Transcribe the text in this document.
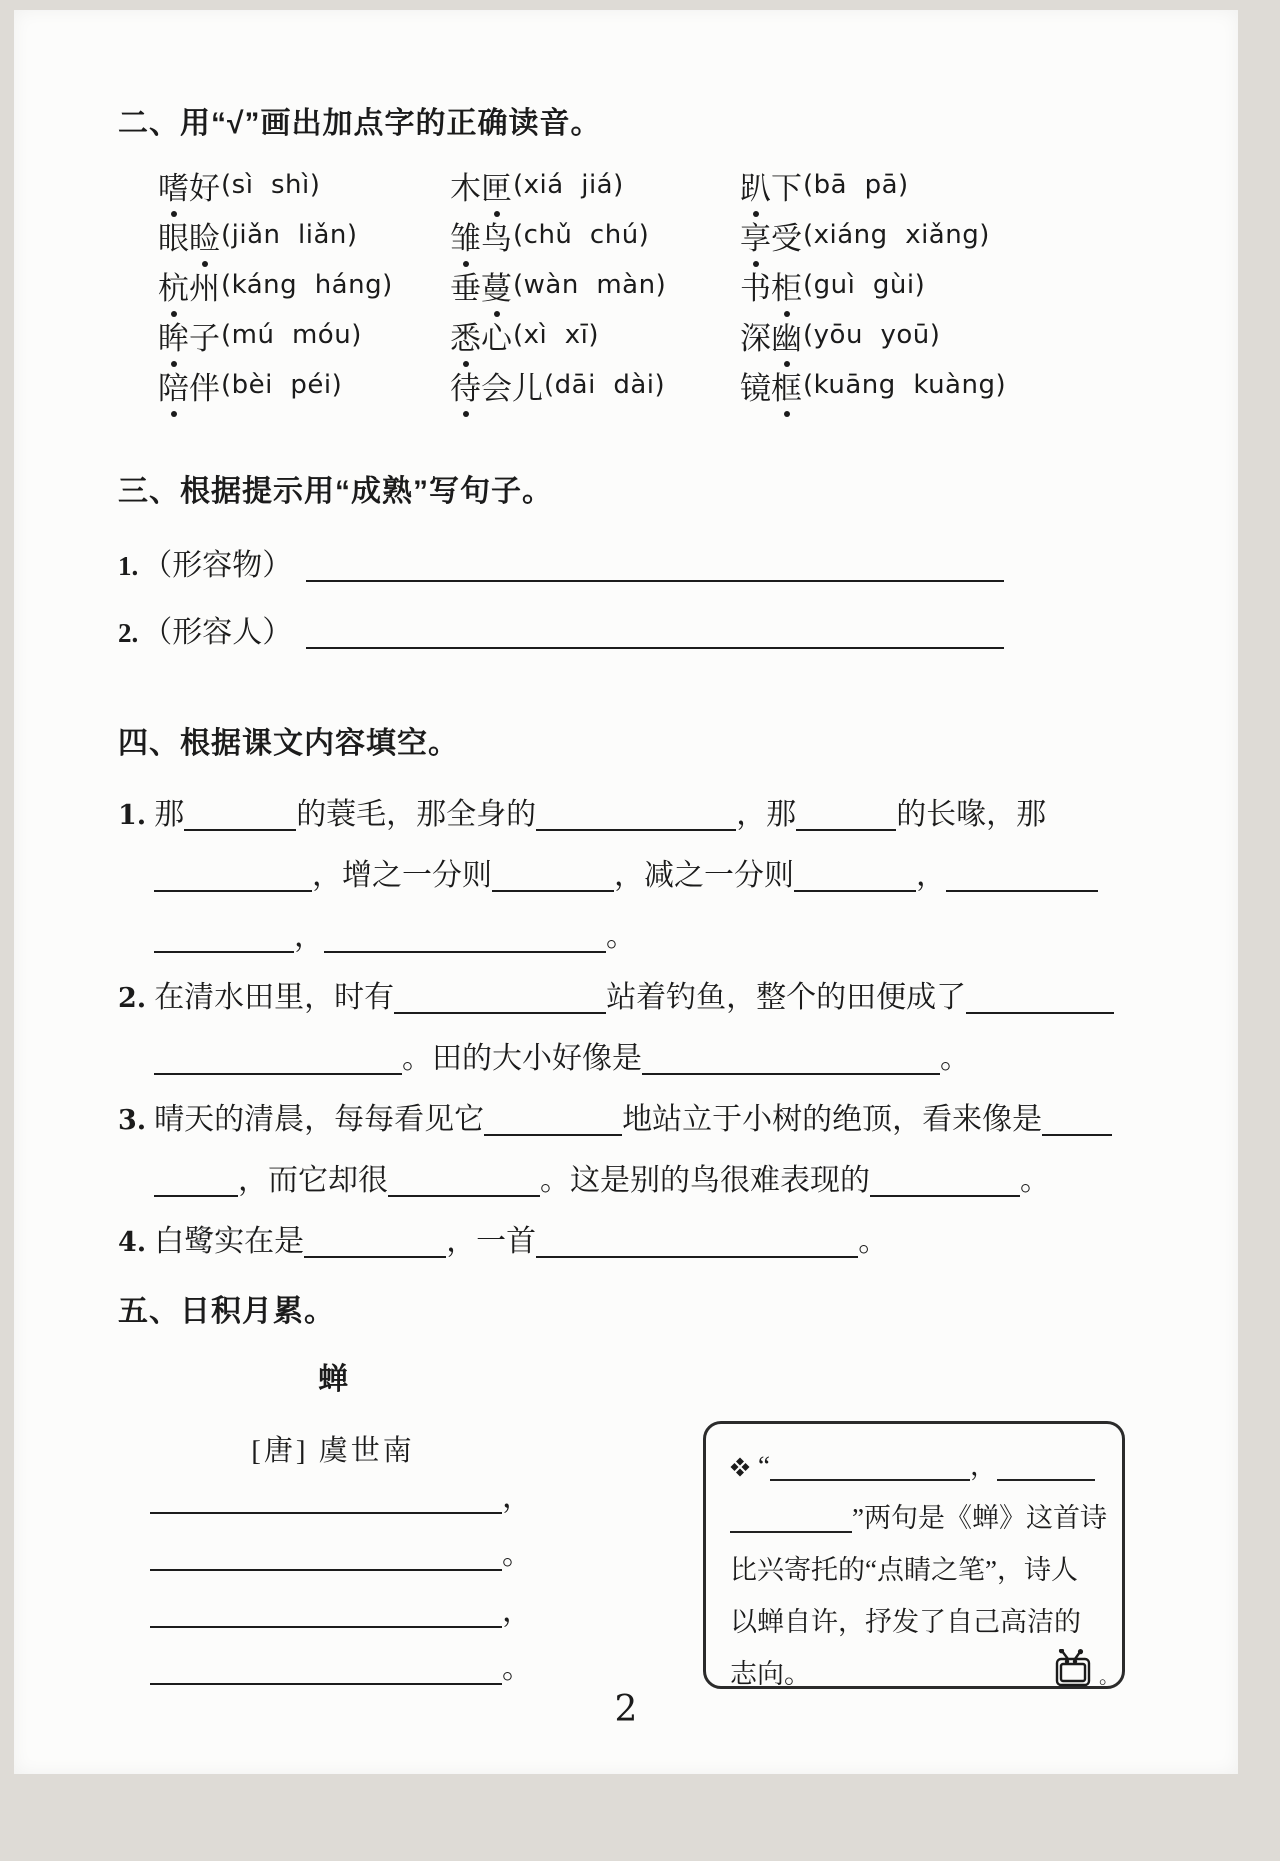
二、用“√”画出加点字的正确读音。
嗜 好 (sì  shì)	木 匣 (xiá  jiá)	趴 下 (bā  pā)
眼 睑 (jiǎn  liǎn)	雏 鸟 (chǔ  chú)	享 受 (xiáng  xiǎng)
杭 州 (káng  háng) 垂 蔓 (wàn  màn) 书 柜 (guì  gùi)
眸 子 (mú  móu)	悉 心 (xì  xī)	深 幽 (yōu  yoū)
陪 伴 (bèi  péi)	待 会儿 (dāi  dài) 镜 框 (kuāng  kuàng)
三、根据提示用“成熟”写句子。
1. （形容物）
2. （形容人）
四、根据课文内容填空。
1. 那	的蓑毛，那全身的	，那	的长喙，那
，增之一分则	，减之一分则	，
，	。
2. 在清水田里，时有	站着钓鱼，整个的田便成了
。田的大小好像是	。
3. 晴天的清晨，每每看见它	地站立于小树的绝顶，看来像是
，而它却很	。这是别的鸟很难表现的	。
4. 白鹭实在是	，一首	。
五、日积月累。
蝉
[唐] 虞世南
，
。
，
。
“	，
”两句是《蝉》这首诗
比兴寄托的“点睛之笔”，诗人
以蝉自许，抒发了自己高洁的
志向。	。
2
